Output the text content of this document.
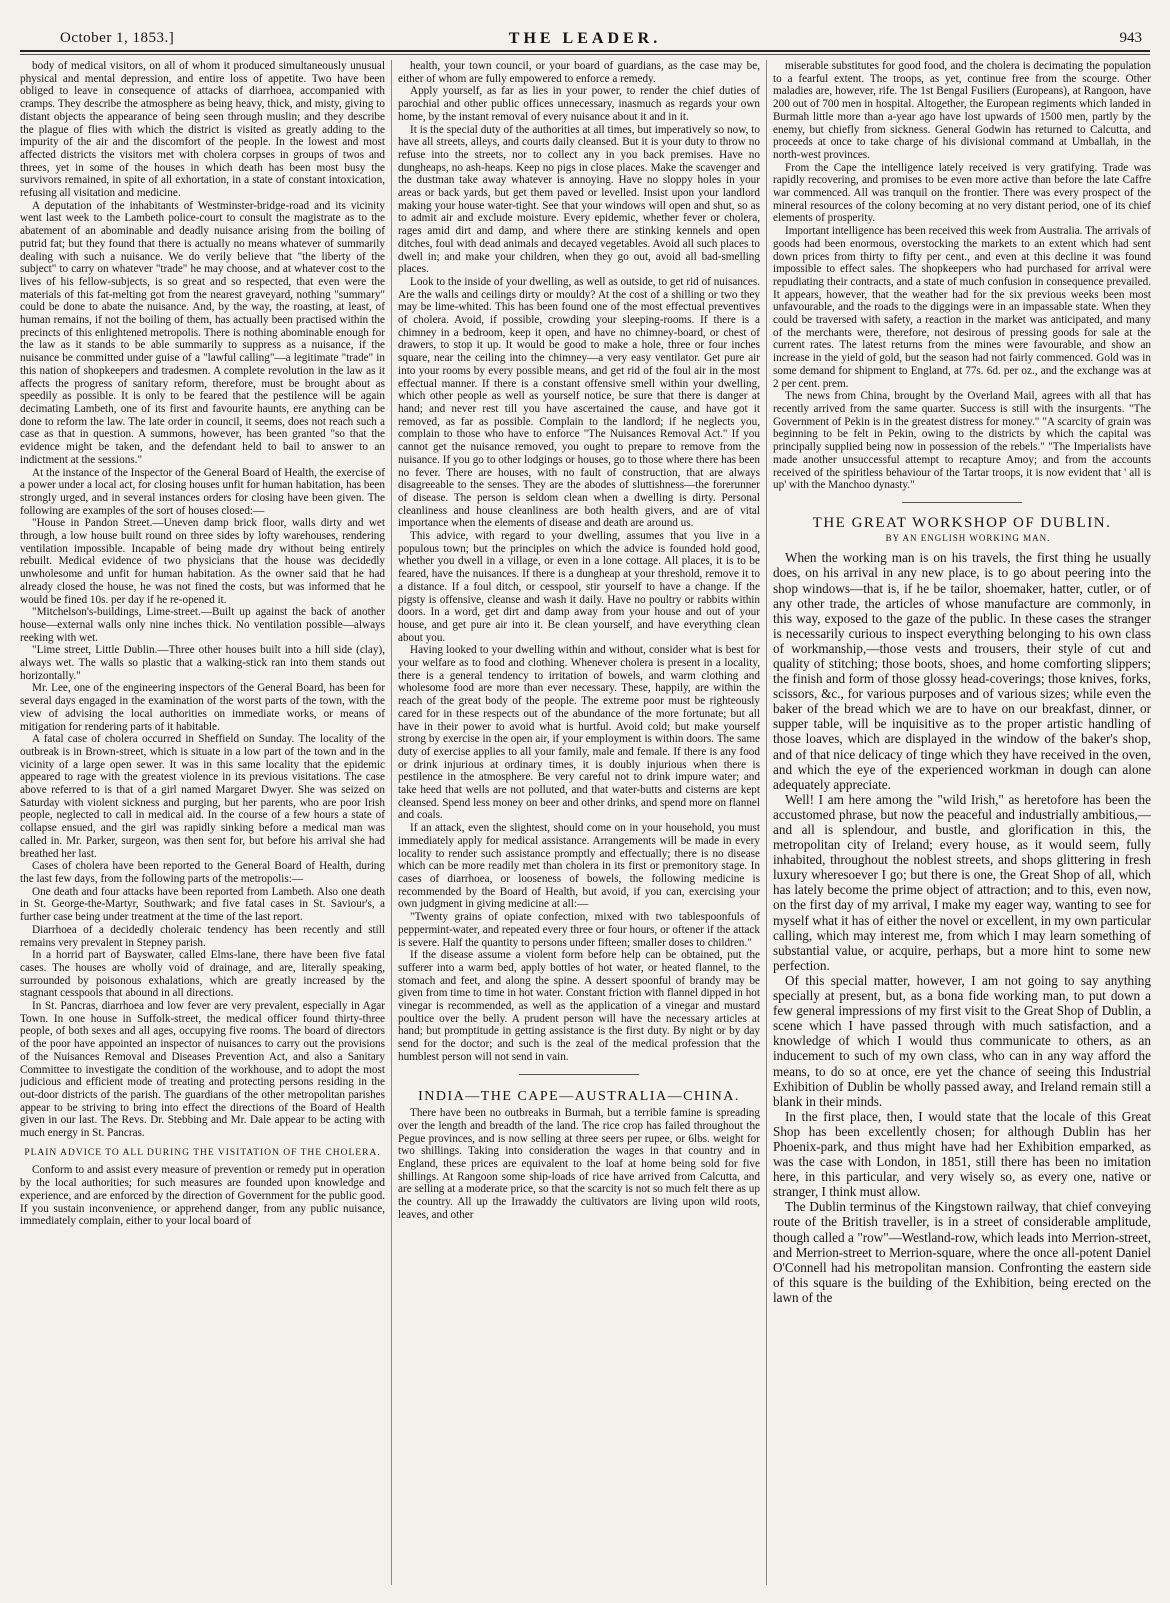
October 1, 1853.]	THE LEADER.	943

body of medical visitors, on all of whom it produced simultaneously unusual physical and mental depression, and entire loss of appetite. Two have been obliged to leave in consequence of attacks of diarrhoea, accompanied with cramps. They describe the atmosphere as being heavy, thick, and misty, giving to distant objects the appearance of being seen through muslin; and they describe the plague of flies with which the district is visited as greatly adding to the impurity of the air and the discomfort of the people. In the lowest and most affected districts the visitors met with cholera corpses in groups of twos and threes, yet in some of the houses in which death has been most busy the survivors remained, in spite of all exhortation, in a state of constant intoxication, refusing all visitation and medicine.

A deputation of the inhabitants of Westminster-bridge-road and its vicinity went last week to the Lambeth police-court to consult the magistrate as to the abatement of an abominable and deadly nuisance arising from the boiling of putrid fat; but they found that there is actually no means whatever of summarily dealing with such a nuisance. We do verily believe that "the liberty of the subject" to carry on whatever "trade" he may choose, and at whatever cost to the lives of his fellow-subjects, is so great and so respected, that even were the materials of this fat-melting got from the nearest graveyard, nothing "summary" could be done to abate the nuisance. And, by the way, the roasting, at least, of human remains, if not the boiling of them, has actually been practised within the precincts of this enlightened metropolis. There is nothing abominable enough for the law as it stands to be able summarily to suppress as a nuisance, if the nuisance be committed under guise of a "lawful calling"—a legitimate "trade" in this nation of shopkeepers and tradesmen. A complete revolution in the law as it affects the progress of sanitary reform, therefore, must be brought about as speedily as possible. It is only to be feared that the pestilence will be again decimating Lambeth, one of its first and favourite haunts, ere anything can be done to reform the law. The late order in council, it seems, does not reach such a case as that in question. A summons, however, has been granted "so that the evidence might be taken, and the defendant held to bail to answer to an indictment at the sessions."

At the instance of the Inspector of the General Board of Health, the exercise of a power under a local act, for closing houses unfit for human habitation, has been strongly urged, and in several instances orders for closing have been given. The following are examples of the sort of houses closed:—

"House in Pandon Street.—Uneven damp brick floor, walls dirty and wet through, a low house built round on three sides by lofty warehouses, rendering ventilation impossible. Incapable of being made dry without being entirely rebuilt. Medical evidence of two physicians that the house was decidedly unwholesome and unfit for human habitation. As the owner said that he had already closed the house, he was not fined the costs, but was informed that he would be fined 10s. per day if he re-opened it.

"Mitchelson's-buildings, Lime-street.—Built up against the back of another house—external walls only nine inches thick. No ventilation possible—always reeking with wet.

"Lime street, Little Dublin.—Three other houses built into a hill side (clay), always wet. The walls so plastic that a walking-stick ran into them stands out horizontally."

Mr. Lee, one of the engineering inspectors of the General Board, has been for several days engaged in the examination of the worst parts of the town, with the view of advising the local authorities on immediate works, or means of mitigation for rendering parts of it habitable.

A fatal case of cholera occurred in Sheffield on Sunday. The locality of the outbreak is in Brown-street, which is situate in a low part of the town and in the vicinity of a large open sewer. It was in this same locality that the epidemic appeared to rage with the greatest violence in its previous visitations. The case above referred to is that of a girl named Margaret Dwyer. She was seized on Saturday with violent sickness and purging, but her parents, who are poor Irish people, neglected to call in medical aid. In the course of a few hours a state of collapse ensued, and the girl was rapidly sinking before a medical man was called in. Mr. Parker, surgeon, was then sent for, but before his arrival she had breathed her last.

Cases of cholera have been reported to the General Board of Health, during the last few days, from the following parts of the metropolis:—

One death and four attacks have been reported from Lambeth. Also one death in St. George-the-Martyr, Southwark; and five fatal cases in St. Saviour's, a further case being under treatment at the time of the last report.

Diarrhoea of a decidedly choleraic tendency has been recently and still remains very prevalent in Stepney parish.

In a horrid part of Bayswater, called Elms-lane, there have been five fatal cases. The houses are wholly void of drainage, and are, literally speaking, surrounded by poisonous exhalations, which are greatly increased by the stagnant cesspools that abound in all directions.

In St. Pancras, diarrhoea and low fever are very prevalent, especially in Agar Town. In one house in Suffolk-street, the medical officer found thirty-three people, of both sexes and all ages, occupying five rooms. The board of directors of the poor have appointed an inspector of nuisances to carry out the provisions of the Nuisances Removal and Diseases Prevention Act, and also a Sanitary Committee to investigate the condition of the workhouse, and to adopt the most judicious and efficient mode of treating and protecting persons residing in the out-door districts of the parish. The guardians of the other metropolitan parishes appear to be striving to bring into effect the directions of the Board of Health given in our last. The Revs. Dr. Stebbing and Mr. Dale appear to be acting with much energy in St. Pancras.

PLAIN ADVICE TO ALL DURING THE VISITATION OF THE CHOLERA.

Conform to and assist every measure of prevention or remedy put in operation by the local authorities; for such measures are founded upon knowledge and experience, and are enforced by the direction of Government for the public good. If you sustain inconvenience, or apprehend danger, from any public nuisance, immediately complain, either to your local board of

health, your town council, or your board of guardians, as the case may be, either of whom are fully empowered to enforce a remedy.

Apply yourself, as far as lies in your power, to render the chief duties of parochial and other public offices unnecessary, inasmuch as regards your own home, by the instant removal of every nuisance about it and in it.

It is the special duty of the authorities at all times, but imperatively so now, to have all streets, alleys, and courts daily cleansed. But it is your duty to throw no refuse into the streets, nor to collect any in you back premises. Have no dungheaps, no ash-heaps. Keep no pigs in close places. Make the scavenger and the dustman take away whatever is annoying. Have no sloppy holes in your areas or back yards, but get them paved or levelled. Insist upon your landlord making your house water-tight. See that your windows will open and shut, so as to admit air and exclude moisture. Every epidemic, whether fever or cholera, rages amid dirt and damp, and where there are stinking kennels and open ditches, foul with dead animals and decayed vegetables. Avoid all such places to dwell in; and make your children, when they go out, avoid all bad-smelling places.

Look to the inside of your dwelling, as well as outside, to get rid of nuisances. Are the walls and ceilings dirty or mouldy? At the cost of a shilling or two they may be lime-whited. This has been found one of the most effectual preventives of cholera. Avoid, if possible, crowding your sleeping-rooms. If there is a chimney in a bedroom, keep it open, and have no chimney-board, or chest of drawers, to stop it up. It would be good to make a hole, three or four inches square, near the ceiling into the chimney—a very easy ventilator. Get pure air into your rooms by every possible means, and get rid of the foul air in the most effectual manner. If there is a constant offensive smell within your dwelling, which other people as well as yourself notice, be sure that there is danger at hand; and never rest till you have ascertained the cause, and have got it removed, as far as possible. Complain to the landlord; if he neglects you, complain to those who have to enforce "The Nuisances Removal Act." If you cannot get the nuisance removed, you ought to prepare to remove from the nuisance. If you go to other lodgings or houses, go to those where there has been no fever. There are houses, with no fault of construction, that are always disagreeable to the senses. They are the abodes of sluttishness—the forerunner of disease. The person is seldom clean when a dwelling is dirty. Personal cleanliness and house cleanliness are both health givers, and are of vital importance when the elements of disease and death are around us.

This advice, with regard to your dwelling, assumes that you live in a populous town; but the principles on which the advice is founded hold good, whether you dwell in a village, or even in a lone cottage. All places, it is to be feared, have the nuisances. If there is a dungheap at your threshold, remove it to a distance. If a foul ditch, or cesspool, stir yourself to have a change. If the pigsty is offensive, cleanse and wash it daily. Have no poultry or rabbits within doors. In a word, get dirt and damp away from your house and out of your house, and get pure air into it. Be clean yourself, and have everything clean about you.

Having looked to your dwelling within and without, consider what is best for your welfare as to food and clothing. Whenever cholera is present in a locality, there is a general tendency to irritation of bowels, and warm clothing and wholesome food are more than ever necessary. These, happily, are within the reach of the great body of the people. The extreme poor must be righteously cared for in these respects out of the abundance of the more fortunate; but all have in their power to avoid what is hurtful. Avoid cold; but make yourself strong by exercise in the open air, if your employment is within doors. The same duty of exercise applies to all your family, male and female. If there is any food or drink injurious at ordinary times, it is doubly injurious when there is pestilence in the atmosphere. Be very careful not to drink impure water; and take heed that wells are not polluted, and that water-butts and cisterns are kept cleansed. Spend less money on beer and other drinks, and spend more on flannel and coals.

If an attack, even the slightest, should come on in your household, you must immediately apply for medical assistance. Arrangements will be made in every locality to render such assistance promptly and effectually; there is no disease which can be more readily met than cholera in its first or premonitory stage. In cases of diarrhoea, or looseness of bowels, the following medicine is recommended by the Board of Health, but avoid, if you can, exercising your own judgment in giving medicine at all:—

"Twenty grains of opiate confection, mixed with two tablespoonfuls of peppermint-water, and repeated every three or four hours, or oftener if the attack is severe. Half the quantity to persons under fifteen; smaller doses to children."

If the disease assume a violent form before help can be obtained, put the sufferer into a warm bed, apply bottles of hot water, or heated flannel, to the stomach and feet, and along the spine. A dessert spoonful of brandy may be given from time to time in hot water. Constant friction with flannel dipped in hot vinegar is recommended, as well as the application of a vinegar and mustard poultice over the belly. A prudent person will have the necessary articles at hand; but promptitude in getting assistance is the first duty. By night or by day send for the doctor; and such is the zeal of the medical profession that the humblest person will not send in vain.

INDIA—THE CAPE—AUSTRALIA—CHINA.

There have been no outbreaks in Burmah, but a terrible famine is spreading over the length and breadth of the land. The rice crop has failed throughout the Pegue provinces, and is now selling at three seers per rupee, or 6lbs. weight for two shillings. Taking into consideration the wages in that country and in England, these prices are equivalent to the loaf at home being sold for five shillings. At Rangoon some ship-loads of rice have arrived from Calcutta, and are selling at a moderate price, so that the scarcity is not so much felt there as up the country. All up the Irrawaddy the cultivators are living upon wild roots, leaves, and other

miserable substitutes for good food, and the cholera is decimating the population to a fearful extent. The troops, as yet, continue free from the scourge. Other maladies are, however, rife. The 1st Bengal Fusiliers (Europeans), at Rangoon, have 200 out of 700 men in hospital. Altogether, the European regiments which landed in Burmah little more than a-year ago have lost upwards of 1500 men, partly by the enemy, but chiefly from sickness. General Godwin has returned to Calcutta, and proceeds at once to take charge of his divisional command at Umballah, in the north-west provinces.

From the Cape the intelligence lately received is very gratifying. Trade was rapidly recovering, and promises to be even more active than before the late Caffre war commenced. All was tranquil on the frontier. There was every prospect of the mineral resources of the colony becoming at no very distant period, one of its chief elements of prosperity.

Important intelligence has been received this week from Australia. The arrivals of goods had been enormous, overstocking the markets to an extent which had sent down prices from thirty to fifty per cent., and even at this decline it was found impossible to effect sales. The shopkeepers who had purchased for arrival were repudiating their contracts, and a state of much confusion in consequence prevailed. It appears, however, that the weather had for the six previous weeks been most unfavourable, and the roads to the diggings were in an impassable state. When they could be traversed with safety, a reaction in the market was anticipated, and many of the merchants were, therefore, not desirous of pressing goods for sale at the current rates. The latest returns from the mines were favourable, and show an increase in the yield of gold, but the season had not fairly commenced. Gold was in some demand for shipment to England, at 77s. 6d. per oz., and the exchange was at 2 per cent. prem.

The news from China, brought by the Overland Mail, agrees with all that has recently arrived from the same quarter. Success is still with the insurgents. "The Government of Pekin is in the greatest distress for money." "A scarcity of grain was beginning to be felt in Pekin, owing to the districts by which the capital was principally supplied being now in possession of the rebels." "The Imperialists have made another unsuccessful attempt to recapture Amoy; and from the accounts received of the spiritless behaviour of the Tartar troops, it is now evident that ' all is up' with the Manchoo dynasty."

THE GREAT WORKSHOP OF DUBLIN.

BY AN ENGLISH WORKING MAN.

When the working man is on his travels, the first thing he usually does, on his arrival in any new place, is to go about peering into the shop windows—that is, if he be tailor, shoemaker, hatter, cutler, or of any other trade, the articles of whose manufacture are commonly, in this way, exposed to the gaze of the public. In these cases the stranger is necessarily curious to inspect everything belonging to his own class of workmanship,—those vests and trousers, their style of cut and quality of stitching; those boots, shoes, and home comforting slippers; the finish and form of those glossy head-coverings; those knives, forks, scissors, &c., for various purposes and of various sizes; while even the baker of the bread which we are to have on our breakfast, dinner, or supper table, will be inquisitive as to the proper artistic handling of those loaves, which are displayed in the window of the baker's shop, and of that nice delicacy of tinge which they have received in the oven, and which the eye of the experienced workman in dough can alone adequately appreciate.

Well! I am here among the "wild Irish," as heretofore has been the accustomed phrase, but now the peaceful and industrially ambitious,—and all is splendour, and bustle, and glorification in this, the metropolitan city of Ireland; every house, as it would seem, fully inhabited, throughout the noblest streets, and shops glittering in fresh luxury wheresoever I go; but there is one, the Great Shop of all, which has lately become the prime object of attraction; and to this, even now, on the first day of my arrival, I make my eager way, wanting to see for myself what it has of either the novel or excellent, in my own particular calling, which may interest me, from which I may learn something of substantial value, or acquire, perhaps, but a more hint to some new perfection.

Of this special matter, however, I am not going to say anything specially at present, but, as a bona fide working man, to put down a few general impressions of my first visit to the Great Shop of Dublin, a scene which I have passed through with much satisfaction, and a knowledge of which I would thus communicate to others, as an inducement to such of my own class, who can in any way afford the means, to do so at once, ere yet the chance of seeing this Industrial Exhibition of Dublin be wholly passed away, and Ireland remain still a blank in their minds.

In the first place, then, I would state that the locale of this Great Shop has been excellently chosen; for although Dublin has her Phoenix-park, and thus might have had her Exhibition emparked, as was the case with London, in 1851, still there has been no imitation here, in this particular, and very wisely so, as every one, native or stranger, I think must allow.

The Dublin terminus of the Kingstown railway, that chief conveying route of the British traveller, is in a street of considerable amplitude, though called a "row"—Westland-row, which leads into Merrion-street, and Merrion-street to Merrion-square, where the once all-potent Daniel O'Connell had his metropolitan mansion. Confronting the eastern side of this square is the building of the Exhibition, being erected on the lawn of the
